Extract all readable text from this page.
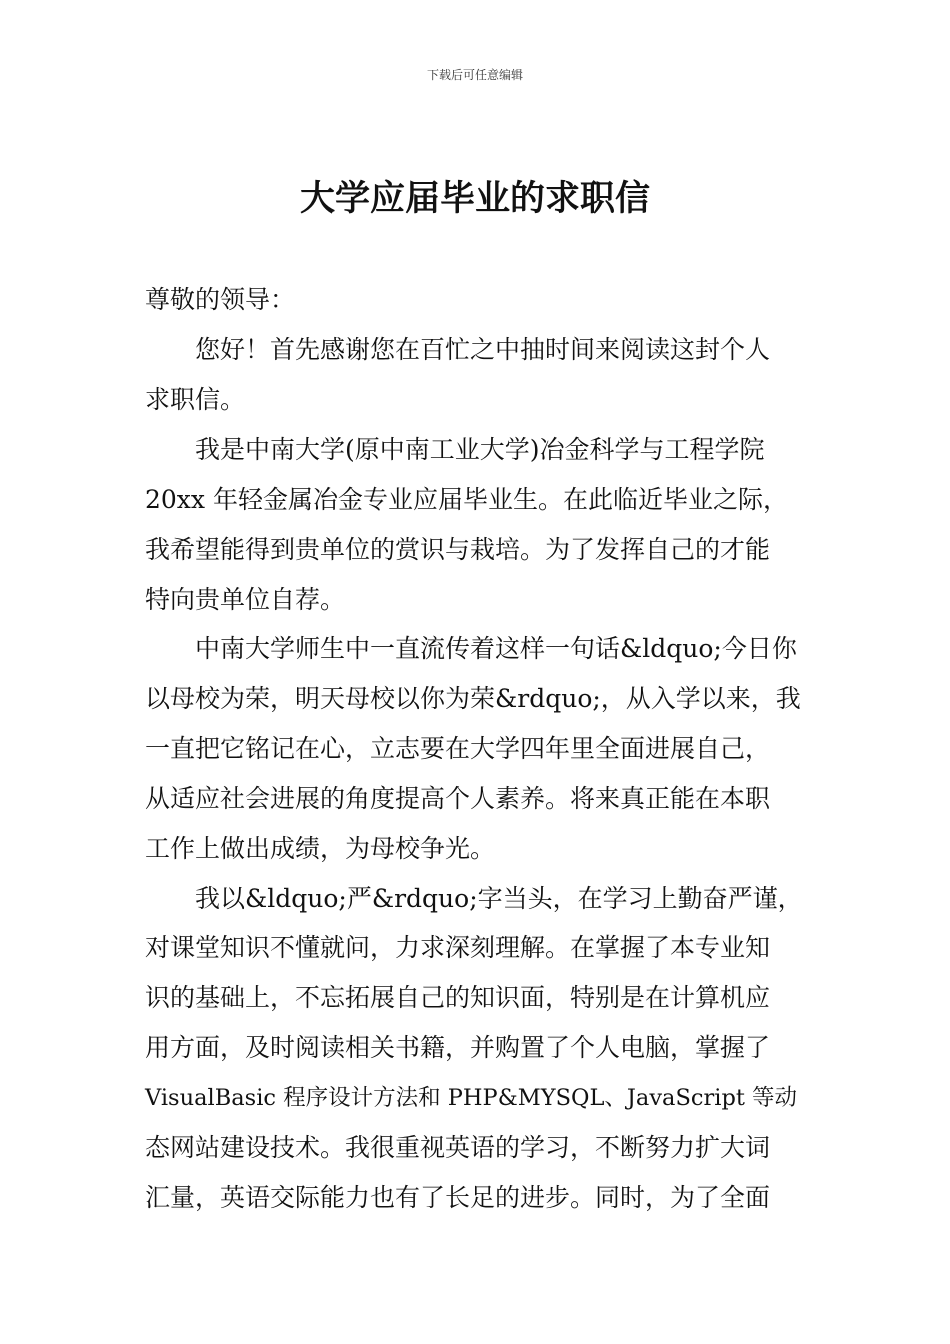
下载后可任意编辑
大学应届毕业的求职信
尊敬的领导：
　　您好！首先感谢您在百忙之中抽时间来阅读这封个人
求职信。
　　我是中南大学(原中南工业大学)冶金科学与工程学院
20xx 年轻金属冶金专业应届毕业生。在此临近毕业之际，
我希望能得到贵单位的赏识与栽培。为了发挥自己的才能
特向贵单位自荐。
　　中南大学师生中一直流传着这样一句话&ldquo;今日你
以母校为荣，明天母校以你为荣&rdquo;，从入学以来，我
一直把它铭记在心，立志要在大学四年里全面进展自己，
从适应社会进展的角度提高个人素养。将来真正能在本职
工作上做出成绩，为母校争光。
　　我以&ldquo;严&rdquo;字当头，在学习上勤奋严谨，
对课堂知识不懂就问，力求深刻理解。在掌握了本专业知
识的基础上，不忘拓展自己的知识面，特别是在计算机应
用方面，及时阅读相关书籍，并购置了个人电脑，掌握了
VisualBasic 程序设计方法和 PHP&MYSQL、JavaScript 等动
态网站建设技术。我很重视英语的学习，不断努力扩大词
汇量，英语交际能力也有了长足的进步。同时，为了全面
